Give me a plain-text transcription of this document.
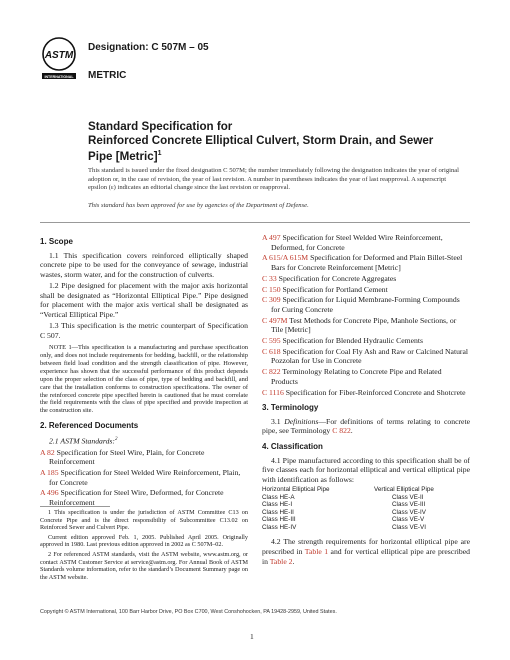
ASTM
INTERNATIONAL
Designation: C 507M – 05
METRIC
Standard Specification for
Reinforced Concrete Elliptical Culvert, Storm Drain, and Sewer Pipe [Metric]$^1$
This standard is issued under the fixed designation C 507M; the number immediately following the designation indicates the year of original adoption or, in the case of revision, the year of last revision. A number in parentheses indicates the year of last reapproval. A superscript epsilon (ε) indicates an editorial change since the last revision or reapproval.
This standard has been approved for use by agencies of the Department of Defense.

1. Scope

1.1 This specification covers reinforced elliptically shaped concrete pipe to be used for the conveyance of sewage, industrial wastes, storm water, and for the construction of culverts.

1.2 Pipe designed for placement with the major axis horizontal shall be designated as “Horizontal Elliptical Pipe.” Pipe designed for placement with the major axis vertical shall be designated as “Vertical Elliptical Pipe.”

1.3 This specification is the metric counterpart of Specification C 507.

NOTE 1—This specification is a manufacturing and purchase specification only, and does not include requirements for bedding, backfill, or the relationship between field load condition and the strength classification of pipe. However, experience has shown that the successful performance of this product depends upon the proper selection of the class of pipe, type of bedding and backfill, and care that the installation conforms to construction specifications. The owner of the reinforced concrete pipe specified herein is cautioned that he must correlate the field requirements with the class of pipe specified and provide inspection at the construction site.

2. Referenced Documents

2.1 ASTM Standards:$^2$

A 82 Specification for Steel Wire, Plain, for Concrete Reinforcement

A 185 Specification for Steel Welded Wire Reinforcement, Plain, for Concrete

A 496 Specification for Steel Wire, Deformed, for Concrete Reinforcement

1 This specification is under the jurisdiction of ASTM Committee C13 on Concrete Pipe and is the direct responsibility of Subcommittee C13.02 on Reinforced Sewer and Culvert Pipe.

Current edition approved Feb. 1, 2005. Published April 2005. Originally approved in 1980. Last previous edition approved in 2002 as C 507M–02.

2 For referenced ASTM standards, visit the ASTM website, www.astm.org, or contact ASTM Customer Service at service@astm.org. For Annual Book of ASTM Standards volume information, refer to the standard’s Document Summary page on the ASTM website.

A 497 Specification for Steel Welded Wire Reinforcement, Deformed, for Concrete

A 615/A 615M Specification for Deformed and Plain Billet-Steel Bars for Concrete Reinforcement [Metric]

C 33 Specification for Concrete Aggregates

C 150 Specification for Portland Cement

C 309 Specification for Liquid Membrane-Forming Compounds for Curing Concrete

C 497M Test Methods for Concrete Pipe, Manhole Sections, or Tile [Metric]

C 595 Specification for Blended Hydraulic Cements

C 618 Specification for Coal Fly Ash and Raw or Calcined Natural Pozzolan for Use in Concrete

C 822 Terminology Relating to Concrete Pipe and Related Products

C 1116 Specification for Fiber-Reinforced Concrete and Shotcrete

3. Terminology

3.1 Definitions—For definitions of terms relating to concrete pipe, see Terminology C 822.

4. Classification

4.1 Pipe manufactured according to this specification shall be of five classes each for horizontal elliptical and vertical elliptical pipe with identification as follows:

Horizontal Elliptical Pipe
Class HE-A
Class HE-I
Class HE-II
Class HE-III
Class HE-IV
Vertical Elliptical Pipe
Class VE-II
Class VE-III
Class VE-IV
Class VE-V
Class VE-VI

4.2 The strength requirements for horizontal elliptical pipe are prescribed in Table 1 and for vertical elliptical pipe are prescribed in Table 2.

Copyright © ASTM International, 100 Barr Harbor Drive, PO Box C700, West Conshohocken, PA 19428-2959, United States.
1
